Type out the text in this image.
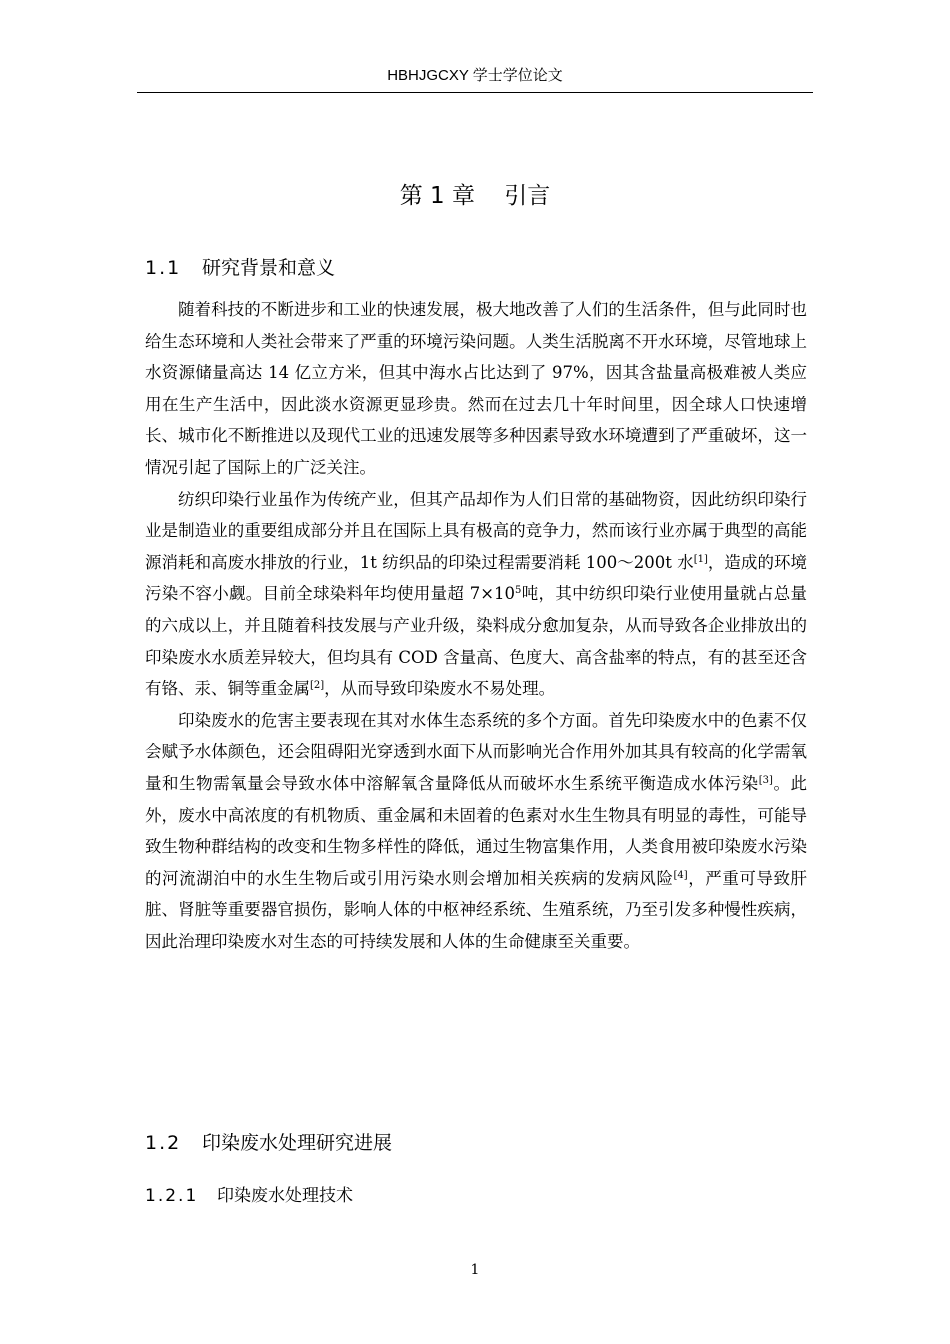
HBHJGCXY 学士学位论文
第 1 章    引言
1.1 研究背景和意义

随着科技的不断进步和工业的快速发展，极大地改善了人们的生活条件，但与此同时也给生态环境和人类社会带来了严重的环境污染问题。人类生活脱离不开水环境，尽管地球上水资源储量高达 14 亿立方米，但其中海水占比达到了 97%，因其含盐量高极难被人类应用在生产生活中，因此淡水资源更显珍贵。然而在过去几十年时间里，因全球人口快速增长、城市化不断推进以及现代工业的迅速发展等多种因素导致水环境遭到了严重破坏，这一情况引起了国际上的广泛关注。

纺织印染行业虽作为传统产业，但其产品却作为人们日常的基础物资，因此纺织印染行业是制造业的重要组成部分并且在国际上具有极高的竞争力，然而该行业亦属于典型的高能源消耗和高废水排放的行业，1t 纺织品的印染过程需要消耗 100～200t 水[1]，造成的环境污染不容小觑。目前全球染料年均使用量超 $7\times 10^5$吨，其中纺织印染行业使用量就占总量的六成以上，并且随着科技发展与产业升级，染料成分愈加复杂，从而导致各企业排放出的印染废水水质差异较大，但均具有 COD 含量高、色度大、高含盐率的特点，有的甚至还含有铬、汞、铜等重金属[2]，从而导致印染废水不易处理。

印染废水的危害主要表现在其对水体生态系统的多个方面。首先印染废水中的色素不仅会赋予水体颜色，还会阻碍阳光穿透到水面下从而影响光合作用外加其具有较高的化学需氧量和生物需氧量会导致水体中溶解氧含量降低从而破坏水生系统平衡造成水体污染[3]。此外，废水中高浓度的有机物质、重金属和未固着的色素对水生生物具有明显的毒性，可能导致生物种群结构的改变和生物多样性的降低，通过生物富集作用，人类食用被印染废水污染的河流湖泊中的水生生物后或引用污染水则会增加相关疾病的发病风险[4]，严重可导致肝脏、肾脏等重要器官损伤，影响人体的中枢神经系统、生殖系统，乃至引发多种慢性疾病，因此治理印染废水对生态的可持续发展和人体的生命健康至关重要。

1.2 印染废水处理研究进展
1.2.1 印染废水处理技术
1
